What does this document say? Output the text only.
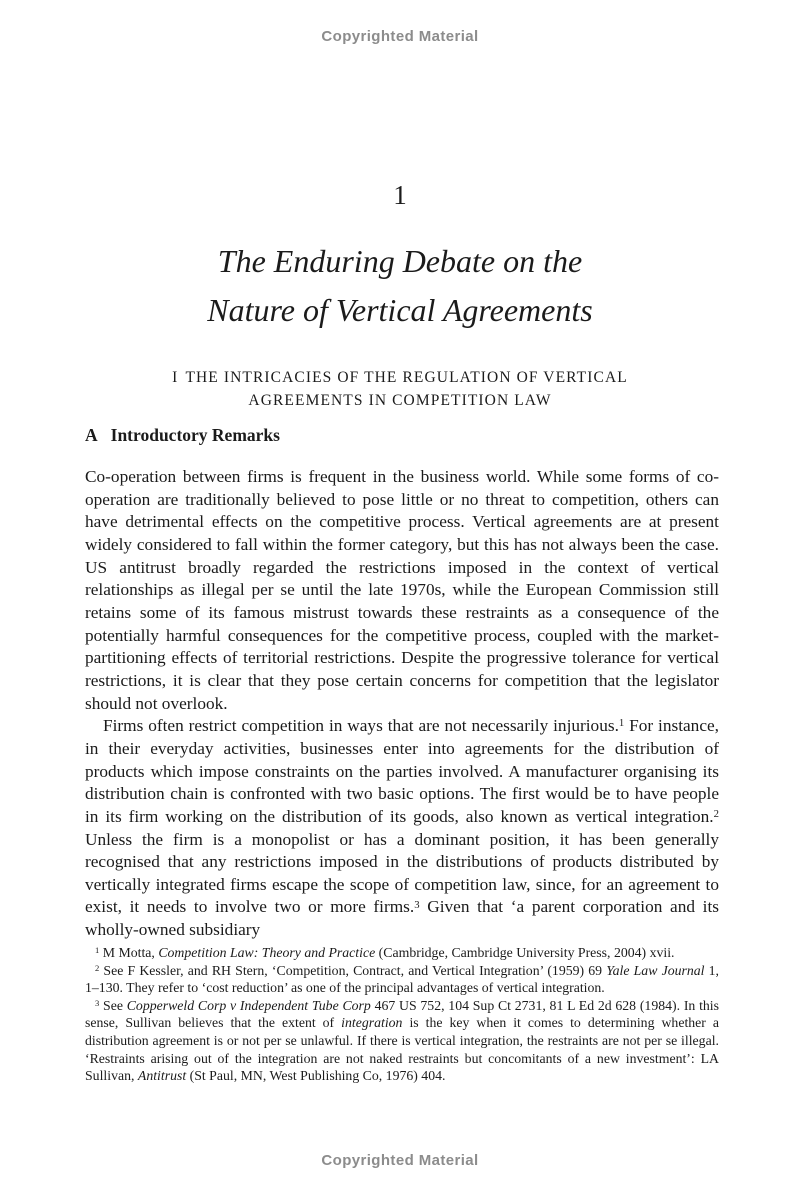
Copyrighted Material
1
The Enduring Debate on the
Nature of Vertical Agreements
I THE INTRICACIES OF THE REGULATION OF VERTICAL
AGREEMENTS IN COMPETITION LAW
A Introductory Remarks

Co-operation between firms is frequent in the business world. While some forms of co-operation are traditionally believed to pose little or no threat to competition, others can have detrimental effects on the competitive process. Vertical agreements are at present widely considered to fall within the former category, but this has not always been the case. US antitrust broadly regarded the restrictions imposed in the context of vertical relationships as illegal per se until the late 1970s, while the European Commission still retains some of its famous mistrust towards these restraints as a consequence of the potentially harmful consequences for the competitive process, coupled with the market-partitioning effects of territorial restrictions. Despite the progressive tolerance for vertical restrictions, it is clear that they pose certain concerns for competition that the legislator should not overlook.

Firms often restrict competition in ways that are not necessarily injurious.$^1$ For instance, in their everyday activities, businesses enter into agreements for the distribution of products which impose constraints on the parties involved. A manufacturer organising its distribution chain is confronted with two basic options. The first would be to have people in its firm working on the distribution of its goods, also known as vertical integration.$^2$ Unless the firm is a monopolist or has a dominant position, it has been generally recognised that any restrictions imposed in the distributions of products distributed by vertically integrated firms escape the scope of competition law, since, for an agreement to exist, it needs to involve two or more firms.$^3$ Given that ‘a parent corporation and its wholly-owned subsidiary

$^1$ M Motta, Competition Law: Theory and Practice (Cambridge, Cambridge University Press, 2004) xvii.

$^2$ See F Kessler, and RH Stern, ‘Competition, Contract, and Vertical Integration’ (1959) 69 Yale Law Journal 1, 1–130. They refer to ‘cost reduction’ as one of the principal advantages of vertical integration.

$^3$ See Copperweld Corp v Independent Tube Corp 467 US 752, 104 Sup Ct 2731, 81 L Ed 2d 628 (1984). In this sense, Sullivan believes that the extent of integration is the key when it comes to determining whether a distribution agreement is or not per se unlawful. If there is vertical integration, the restraints are not per se illegal. ‘Restraints arising out of the integration are not naked restraints but concomitants of a new investment’: LA Sullivan, Antitrust (St Paul, MN, West Publishing Co, 1976) 404.

Copyrighted Material
